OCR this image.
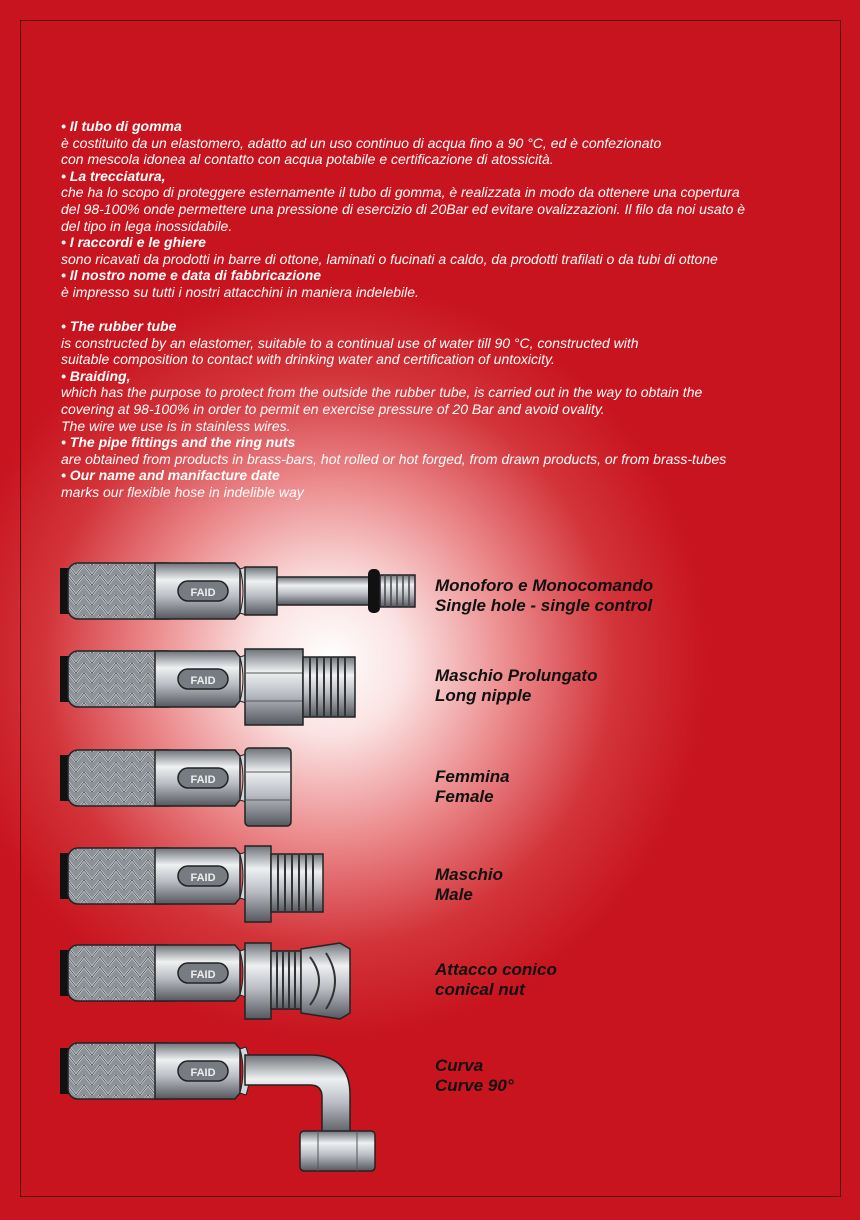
• Il tubo di gomma
è costituito da un elastomero, adatto ad un uso continuo di acqua fino a 90 °C, ed è confezionato
con mescola idonea al contatto con acqua potabile e certificazione di atossicità.
• La trecciatura,
che ha lo scopo di proteggere esternamente il tubo di gomma, è realizzata in modo da ottenere una copertura
del 98-100% onde permettere una pressione di esercizio di 20Bar ed evitare ovalizzazioni. Il filo da noi usato è
del tipo in lega inossidabile.
• I raccordi e le ghiere
sono ricavati da prodotti in barre di ottone, laminati o fucinati a caldo, da prodotti trafilati o da tubi di ottone
• Il nostro nome e data di fabbricazione
è impresso su tutti i nostri attacchini in maniera indelebile.
• The rubber tube
is constructed by an elastomer, suitable to a continual use of water till 90 °C, constructed with
suitable composition to contact with drinking water and certification of untoxicity.
• Braiding,
which has the purpose to protect from the outside the rubber tube, is carried out in the way to obtain the
covering at 98-100% in order to permit en exercise pressure of 20 Bar and avoid ovality.
The wire we use is in stainless wires.
• The pipe fittings and the ring nuts
are obtained from products in brass-bars, hot rolled or hot forged, from drawn products, or from brass-tubes
• Our name and manifacture date
marks our flexible hose in indelible way
FAID
FAID
FAID
FAID
FAID
FAID
Monoforo e Monocomando
Single hole - single control
Maschio Prolungato
Long nipple
Femmina
Female
Maschio
Male
Attacco conico
conical nut
Curva
Curve 90°
